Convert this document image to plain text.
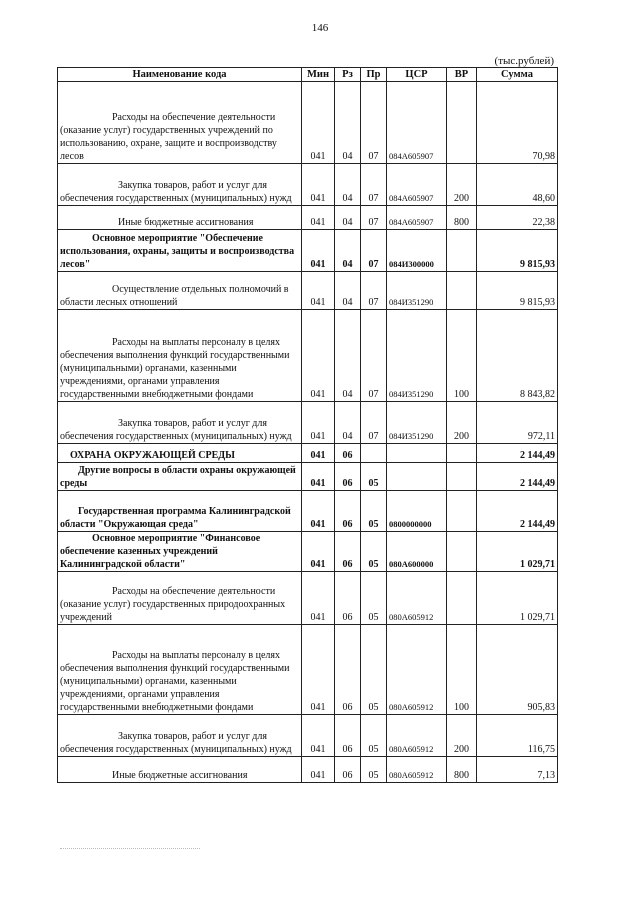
146
(тыс.рублей)
Наименование кода	Мин	Рз	Пр	ЦСР	ВР	Сумма

Расходы на обеспечение деятельности (оказание услуг) государственных учреждений по использованию, охране, защите и воспроизводству лесов	041	04	07	084А605907		70,98

Закупка товаров, работ и услуг для обеспечения государственных (муниципальных) нужд	041	04	07	084А605907	200	48,60

Иные бюджетные ассигнования	041	04	07	084А605907	800	22,38

Основное мероприятие "Обеспечение использования, охраны, защиты и воспроизводства лесов"	041	04	07	084И300000		9 815,93

Осуществление отдельных полномочий в области лесных отношений	041	04	07	084И351290		9 815,93

Расходы на выплаты персоналу в целях обеспечения выполнения функций государственными (муниципальными) органами, казенными учреждениями, органами управления государственными внебюджетными фондами	041	04	07	084И351290	100	8 843,82

Закупка товаров, работ и услуг для обеспечения государственных (муниципальных) нужд	041	04	07	084И351290	200	972,11

ОХРАНА ОКРУЖАЮЩЕЙ СРЕДЫ	041	06				2 144,49

Другие вопросы в области охраны окружающей среды	041	06	05			2 144,49

Государственная программа Калининградской области "Окружающая среда"	041	06	05	0800000000		2 144,49

Основное мероприятие "Финансовое обеспечение казенных учреждений Калининградской области"	041	06	05	080А600000		1 029,71

Расходы на обеспечение деятельности (оказание услуг) государственных природоохранных учреждений	041	06	05	080А605912		1 029,71

Расходы на выплаты персоналу в целях обеспечения выполнения функций государственными (муниципальными) органами, казенными учреждениями, органами управления государственными внебюджетными фондами	041	06	05	080А605912	100	905,83

Закупка товаров, работ и услуг для обеспечения государственных (муниципальных) нужд	041	06	05	080А605912	200	116,75

Иные бюджетные ассигнования	041	06	05	080А605912	800	7,13
